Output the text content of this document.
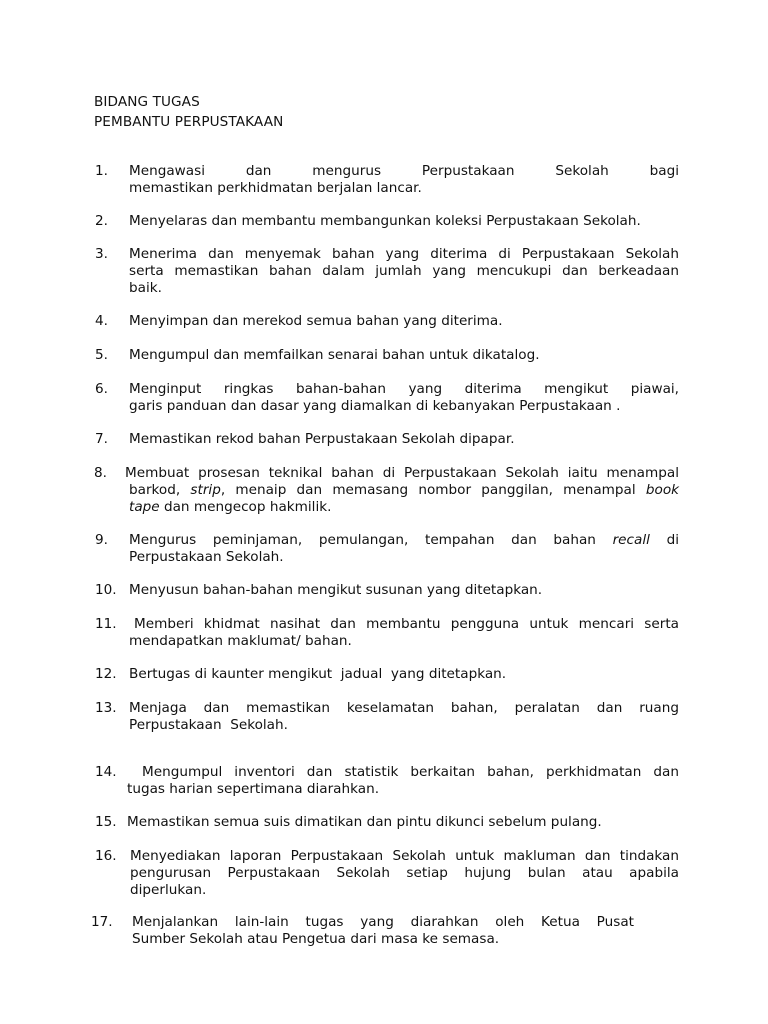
BIDANG TUGAS
PEMBANTU PERPUSTAKAAN
1. Mengawasi dan mengurus Perpustakaan Sekolah bagi
memastikan perkhidmatan berjalan lancar.
2. Menyelaras dan membantu membangunkan koleksi Perpustakaan Sekolah.
3. Menerima dan menyemak bahan yang diterima di Perpustakaan Sekolah
serta memastikan bahan dalam jumlah yang mencukupi dan berkeadaan
baik.
4. Menyimpan dan merekod semua bahan yang diterima.
5. Mengumpul dan memfailkan senarai bahan untuk dikatalog.
6. Menginput ringkas bahan-bahan yang diterima mengikut piawai,
garis panduan dan dasar yang diamalkan di kebanyakan Perpustakaan .
7. Memastikan rekod bahan Perpustakaan Sekolah dipapar.
8. Membuat prosesan teknikal bahan di Perpustakaan Sekolah iaitu menampal
barkod, strip, menaip dan memasang nombor panggilan, menampal book
tape dan mengecop hakmilik.
9. Mengurus peminjaman, pemulangan, tempahan dan bahan recall di
Perpustakaan Sekolah.
10. Menyusun bahan-bahan mengikut susunan yang ditetapkan.
11.	Memberi khidmat nasihat dan membantu pengguna untuk mencari serta
mendapatkan maklumat/ bahan.
12. Bertugas di kaunter mengikut  jadual  yang ditetapkan.
13. Menjaga dan memastikan keselamatan bahan, peralatan dan ruang
Perpustakaan  Sekolah.
14.	Mengumpul inventori dan statistik berkaitan bahan, perkhidmatan dan
tugas harian sepertimana diarahkan.
15. Memastikan semua suis dimatikan dan pintu dikunci sebelum pulang.
16. Menyediakan laporan Perpustakaan Sekolah untuk makluman dan tindakan
pengurusan Perpustakaan Sekolah setiap hujung bulan atau apabila
diperlukan.
17. Menjalankan lain-lain tugas yang diarahkan oleh Ketua Pusat
Sumber Sekolah atau Pengetua dari masa ke semasa.
